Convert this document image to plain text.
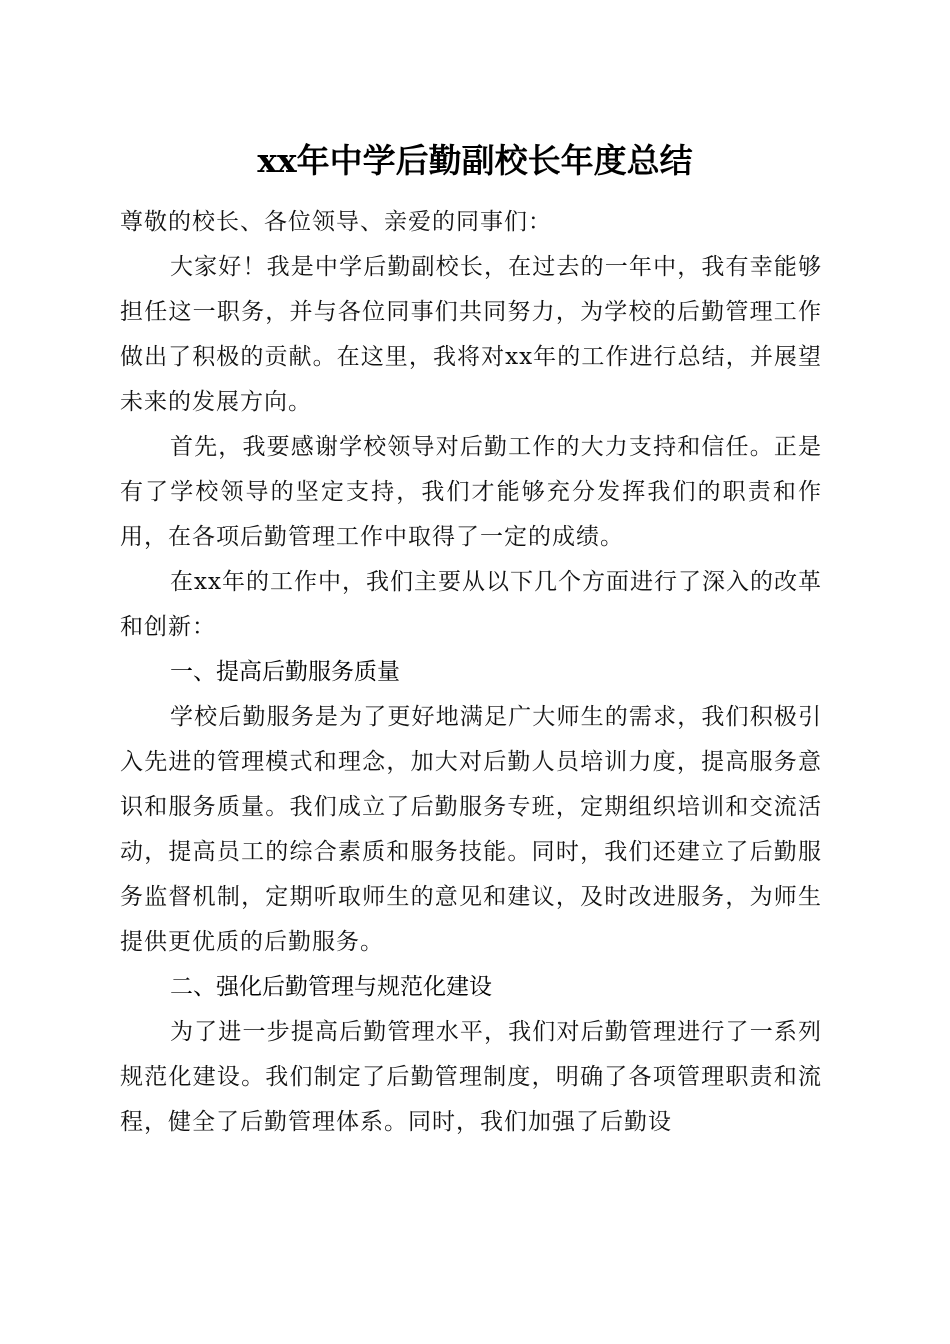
xx年中学后勤副校长年度总结

尊敬的校长、各位领导、亲爱的同事们：

大家好！我是中学后勤副校长，在过去的一年中，我有幸能够担任这一职务，并与各位同事们共同努力，为学校的后勤管理工作做出了积极的贡献。在这里，我将对xx年的工作进行总结，并展望未来的发展方向。

首先，我要感谢学校领导对后勤工作的大力支持和信任。正是有了学校领导的坚定支持，我们才能够充分发挥我们的职责和作用，在各项后勤管理工作中取得了一定的成绩。

在xx年的工作中，我们主要从以下几个方面进行了深入的改革和创新：

一、提高后勤服务质量

学校后勤服务是为了更好地满足广大师生的需求，我们积极引入先进的管理模式和理念，加大对后勤人员培训力度，提高服务意识和服务质量。我们成立了后勤服务专班，定期组织培训和交流活动，提高员工的综合素质和服务技能。同时，我们还建立了后勤服务监督机制，定期听取师生的意见和建议，及时改进服务，为师生提供更优质的后勤服务。

二、强化后勤管理与规范化建设

为了进一步提高后勤管理水平，我们对后勤管理进行了一系列规范化建设。我们制定了后勤管理制度，明确了各项管理职责和流程，健全了后勤管理体系。同时，我们加强了后勤设
